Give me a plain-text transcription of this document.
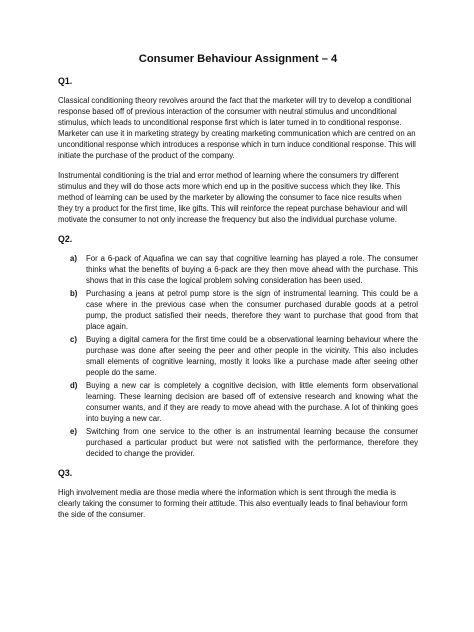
Consumer Behaviour Assignment – 4
Q1.

Classical conditioning theory revolves around the fact that the marketer will try to develop a conditional response based off of previous interaction of the consumer with neutral stimulus and unconditional stimulus, which leads to unconditional response first which is later turned in to conditional response. Marketer can use it in marketing strategy by creating marketing communication which are centred on an unconditional response which introduces a response which in turn induce conditional response. This will initiate the purchase of the product of the company.

Instrumental conditioning is the trial and error method of learning where the consumers try different stimulus and they will do those acts more which end up in the positive success which they like. This method of learning can be used by the marketer by allowing the consumer to face nice results when they try a product for the first time, like gifts. This will reinforce the repeat purchase behaviour and will motivate the consumer to not only increase the frequency but also the individual purchase volume.

Q2.
a)	For a 6-pack of Aquafina we can say that cognitive learning has played a role. The consumer thinks what the benefits of buying a 6-pack are they then move ahead with the purchase. This shows that in this case the logical problem solving consideration has been used.
b)	Purchasing a jeans at petrol pump store is the sign of instrumental learning. This could be a case where in the previous case when the consumer purchased durable goods at a petrol pump, the product satisfied their needs, therefore they want to purchase that good from that place again.
c)	Buying a digital camera for the first time could be a observational learning behaviour where the purchase was done after seeing the peer and other people in the vicinity. This also includes small elements of cognitive learning, mostly it looks like a purchase made after seeing other people do the same.
d)	Buying a new car is completely a cognitive decision, with little elements form observational learning. These learning decision are based off of extensive research and knowing what the consumer wants, and if they are ready to move ahead with the purchase. A lot of thinking goes into buying a new car.
e)	Switching from one service to the other is an instrumental learning because the consumer purchased a particular product but were not satisfied with the performance, therefore they decided to change the provider.
Q3.

High involvement media are those media where the information which is sent through the media is clearly taking the consumer to forming their attitude. This also eventually leads to final behaviour form the side of the consumer.
